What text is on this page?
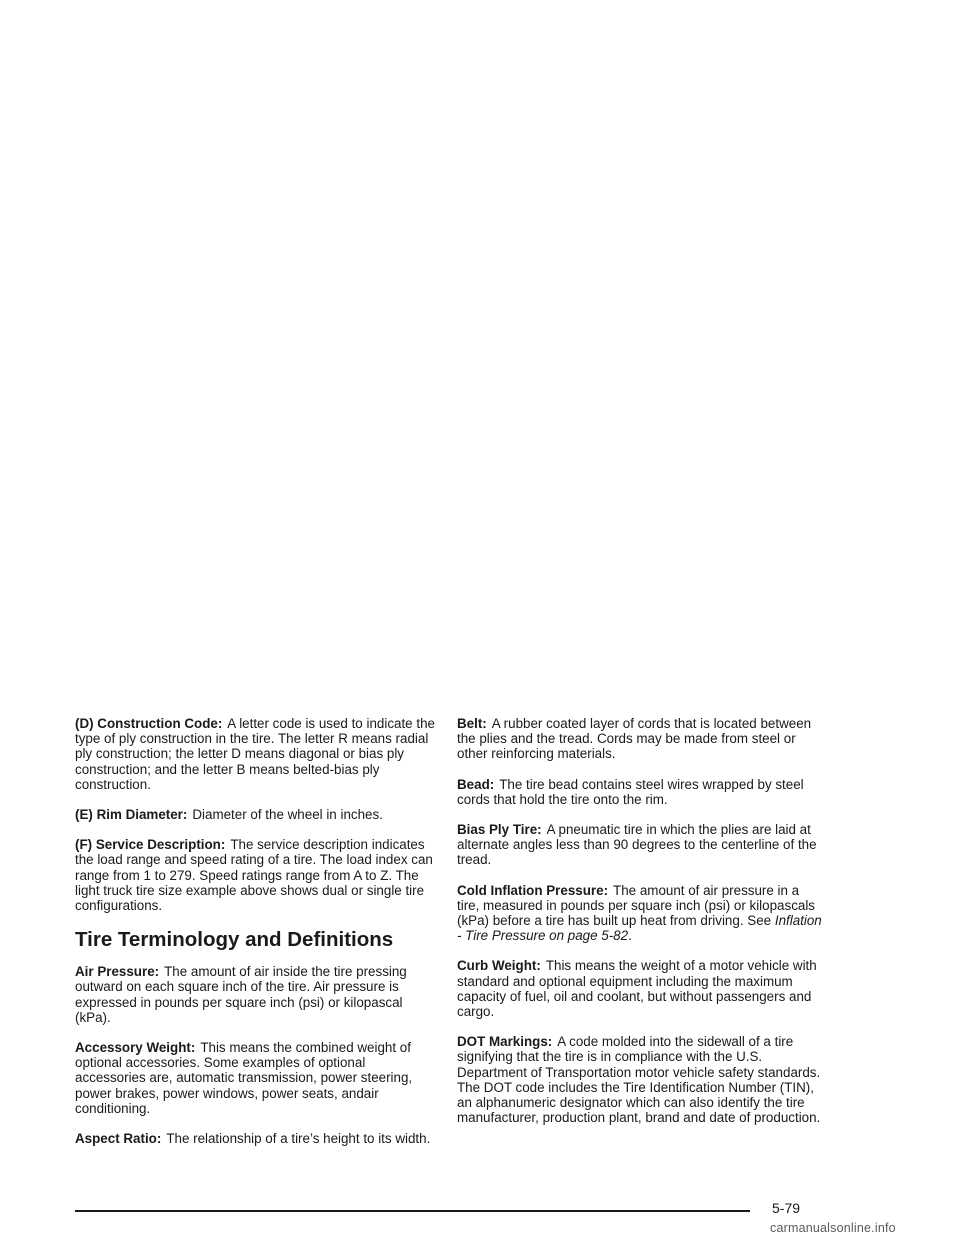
(D) Construction Code: A letter code is used to indicate the type of ply construction in the tire. The letter R means radial ply construction; the letter D means diagonal or bias ply construction; and the letter B means belted-bias ply construction.

(E) Rim Diameter: Diameter of the wheel in inches.

(F) Service Description: The service description indicates the load range and speed rating of a tire. The load index can range from 1 to 279. Speed ratings range from A to Z. The light truck tire size example above shows dual or single tire configurations.

Tire Terminology and Definitions

Air Pressure: The amount of air inside the tire pressing outward on each square inch of the tire. Air pressure is expressed in pounds per square inch (psi) or kilopascal (kPa).

Accessory Weight: This means the combined weight of optional accessories. Some examples of optional accessories are, automatic transmission, power steering, power brakes, power windows, power seats, andair conditioning.

Aspect Ratio: The relationship of a tire’s height to its width.

Belt: A rubber coated layer of cords that is located between the plies and the tread. Cords may be made from steel or other reinforcing materials.

Bead: The tire bead contains steel wires wrapped by steel cords that hold the tire onto the rim.

Bias Ply Tire: A pneumatic tire in which the plies are laid at alternate angles less than 90 degrees to the centerline of the tread.

Cold Inflation Pressure: The amount of air pressure in a tire, measured in pounds per square inch (psi) or kilopascals (kPa) before a tire has built up heat from driving. See Inflation - Tire Pressure on page 5-82.

Curb Weight: This means the weight of a motor vehicle with standard and optional equipment including the maximum capacity of fuel, oil and coolant, but without passengers and cargo.

DOT Markings: A code molded into the sidewall of a tire signifying that the tire is in compliance with the U.S. Department of Transportation motor vehicle safety standards. The DOT code includes the Tire Identification Number (TIN), an alphanumeric designator which can also identify the tire manufacturer, production plant, brand and date of production.

5-79
carmanualsonline.info
